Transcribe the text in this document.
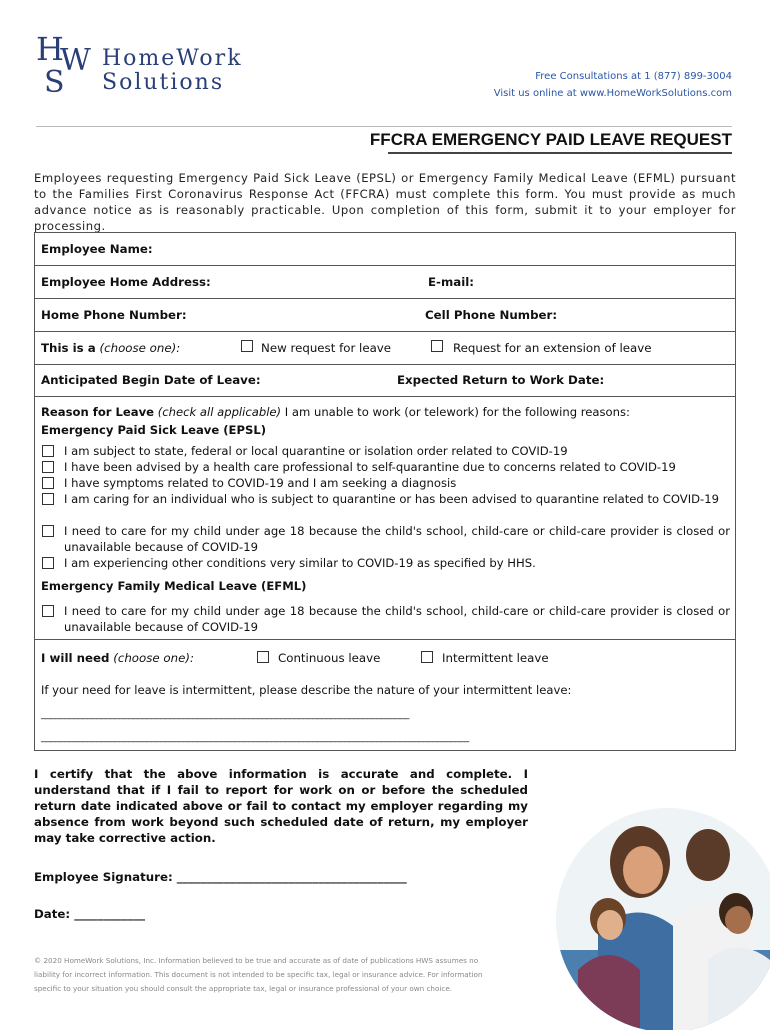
H
W
S
HomeWork
Solutions	Free Consultations at 1 (877) 899-3004
Visit us online at www.HomeWorkSolutions.com
FFCRA EMERGENCY PAID LEAVE REQUEST
Employees requesting Emergency Paid Sick Leave (EPSL) or Emergency Family Medical Leave (EFML) pursuant to the Families First Coronavirus Response Act (FFCRA) must complete this form. You must provide as much advance notice as is reasonably practicable. Upon completion of this form, submit it to your employer for processing.
Employee Name:
Employee Home Address:	E-mail:
Home Phone Number:	Cell Phone Number:
This is a (choose one):	New request for leave	Request for an extension of leave
Anticipated Begin Date of Leave:	Expected Return to Work Date:
Reason for Leave (check all applicable) I am unable to work (or telework) for the following reasons:
Emergency Paid Sick Leave (EPSL)
I am subject to state, federal or local quarantine or isolation order related to COVID-19
I have been advised by a health care professional to self-quarantine due to concerns related to COVID-19
I have symptoms related to COVID-19 and I am seeking a diagnosis
I am caring for an individual who is subject to quarantine or has been advised to quarantine related to COVID-19
I need to care for my child under age 18 because the child's school, child-care or child-care provider is closed or unavailable because of COVID-19
I am experiencing other conditions very similar to COVID-19 as specified by HHS.
Emergency Family Medical Leave (EFML)
I need to care for my child under age 18 because the child's school, child-care or child-care provider is closed or unavailable because of COVID-19
I will need (choose one):	Continuous leave	Intermittent leave
If your need for leave is intermittent, please describe the nature of your intermittent leave:
________________________________________________________________________________
_____________________________________________________________________________________________
I certify that the above information is accurate and complete. I understand that if I fail to report for work on or before the scheduled return date indicated above or fail to contact my employer regarding my absence from work beyond such scheduled date of return, my employer may take corrective action.
Employee Signature: _______________________________________
Date: ____________
© 2020 HomeWork Solutions, Inc. Information believed to be true and accurate as of date of publications HWS assumes no liability for incorrect information. This document is not intended to be specific tax, legal or insurance advice. For information specific to your situation you should consult the appropriate tax, legal or insurance professional of your own choice.
